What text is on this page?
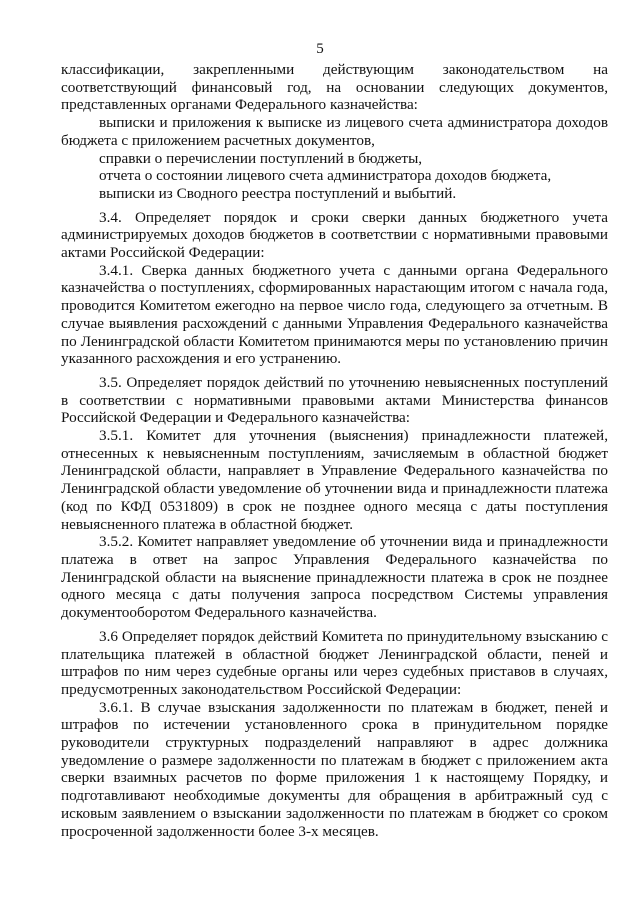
5

классификации, закрепленными действующим законодательством на соответствующий финансовый год, на основании следующих документов, представленных органами Федерального казначейства:

выписки и приложения к выписке из лицевого счета администратора доходов бюджета с приложением расчетных документов,

справки о перечислении поступлений в бюджеты,

отчета о состоянии лицевого счета администратора доходов бюджета,

выписки из Сводного реестра поступлений и выбытий.

3.4. Определяет порядок и сроки сверки данных бюджетного учета администрируемых доходов бюджетов в соответствии с нормативными правовыми актами Российской Федерации:

3.4.1. Сверка данных бюджетного учета с данными органа Федерального казначейства о поступлениях, сформированных нарастающим итогом с начала года, проводится Комитетом ежегодно на первое число года, следующего за отчетным. В случае выявления расхождений с данными Управления Федерального казначейства по Ленинградской области Комитетом принимаются меры по установлению причин указанного расхождения и его устранению.

3.5. Определяет порядок действий по уточнению невыясненных поступлений в соответствии с нормативными правовыми актами Министерства финансов Российской Федерации и Федерального казначейства:

3.5.1. Комитет для уточнения (выяснения) принадлежности платежей, отнесенных к невыясненным поступлениям, зачисляемым в областной бюджет Ленинградской области, направляет в Управление Федерального казначейства по Ленинградской области уведомление об уточнении вида и принадлежности платежа (код по КФД 0531809) в срок не позднее одного месяца с даты поступления невыясненного платежа в областной бюджет.

3.5.2. Комитет направляет уведомление об уточнении вида и принадлежности платежа в ответ на запрос Управления Федерального казначейства по Ленинградской области на выяснение принадлежности платежа в срок не позднее одного месяца с даты получения запроса посредством Системы управления документооборотом Федерального казначейства.

3.6 Определяет порядок действий Комитета по принудительному взысканию с плательщика платежей в областной бюджет Ленинградской области, пеней и штрафов по ним через судебные органы или через судебных приставов в случаях, предусмотренных законодательством Российской Федерации:

3.6.1. В случае взыскания задолженности по платежам в бюджет, пеней и штрафов по истечении установленного срока в принудительном порядке руководители структурных подразделений направляют в адрес должника уведомление о размере задолженности по платежам в бюджет с приложением акта сверки взаимных расчетов по форме приложения 1 к настоящему Порядку, и подготавливают необходимые документы для обращения в арбитражный суд с исковым заявлением о взыскании задолженности по платежам в бюджет со сроком просроченной задолженности более 3-х месяцев.
